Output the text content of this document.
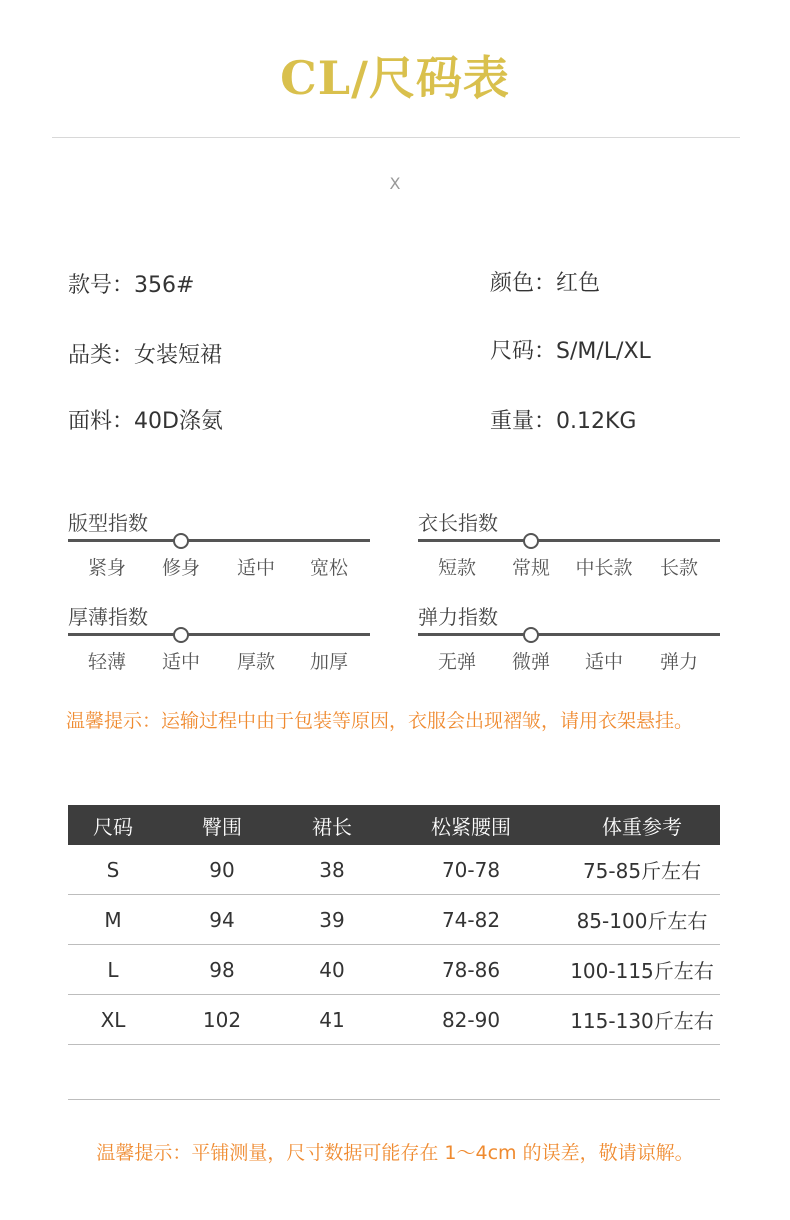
CL/尺码表
X
款号：356#	颜色：红色
品类：女装短裙	尺码：S/M/L/XL
面料：40D涤氨	重量：0.12KG
版型指数
紧身	修身	适中	宽松
衣长指数
短款	常规	中长款	长款
厚薄指数
轻薄	适中	厚款	加厚
弹力指数
无弹	微弹	适中	弹力
温馨提示：运输过程中由于包装等原因，衣服会出现褶皱，请用衣架悬挂。
尺码	臀围	裙长	松紧腰围	体重参考
S	90	38	70-78	75-85斤左右
M	94	39	74-82	85-100斤左右
L	98	40	78-86	100-115斤左右
XL	102	41	82-90	115-130斤左右
温馨提示：平铺测量，尺寸数据可能存在 1～4cm 的误差，敬请谅解。
